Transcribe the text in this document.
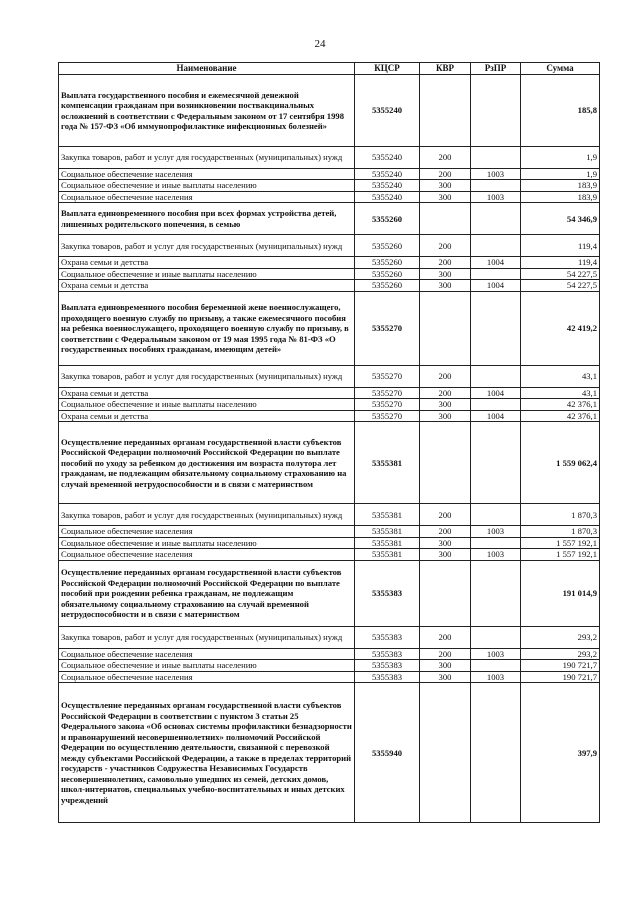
24
Наименование	КЦСР	КВР	РзПР	Сумма
Выплата государственного пособия и ежемесячной денежной компенсации гражданам при возникновении поствакцинальных осложнений в соответствии с Федеральным законом от 17 сентября 1998 года № 157-ФЗ «Об иммунопрофилактике инфекционных болезней»	5355240			185,8
Закупка товаров, работ и услуг для государственных (муниципальных) нужд	5355240	200		1,9
Социальное обеспечение населения	5355240	200	1003	1,9
Социальное обеспечение и иные выплаты населению	5355240	300		183,9
Социальное обеспечение населения	5355240	300	1003	183,9
Выплата единовременного пособия при всех формах устройства детей, лишенных родительского попечения, в семью	5355260			54 346,9
Закупка товаров, работ и услуг для государственных (муниципальных) нужд	5355260	200		119,4
Охрана семьи и детства	5355260	200	1004	119,4
Социальное обеспечение и иные выплаты населению	5355260	300		54 227,5
Охрана семьи и детства	5355260	300	1004	54 227,5
Выплата единовременного пособия беременной жене военнослужащего, проходящего военную службу по призыву, а также ежемесячного пособия на ребенка военнослужащего, проходящего военную службу по призыву, в соответствии с Федеральным законом от 19 мая 1995 года № 81-ФЗ «О государственных пособиях гражданам, имеющим детей»	5355270			42 419,2
Закупка товаров, работ и услуг для государственных (муниципальных) нужд	5355270	200		43,1
Охрана семьи и детства	5355270	200	1004	43,1
Социальное обеспечение и иные выплаты населению	5355270	300		42 376,1
Охрана семьи и детства	5355270	300	1004	42 376,1
Осуществление переданных органам государственной власти субъектов Российской Федерации полномочий Российской Федерации по выплате пособий по уходу за ребенком до достижения им возраста полутора лет гражданам, не подлежащим обязательному социальному страхованию на случай временной нетрудоспособности и в связи с материнством	5355381			1 559 062,4
Закупка товаров, работ и услуг для государственных (муниципальных) нужд	5355381	200		1 870,3
Социальное обеспечение населения	5355381	200	1003	1 870,3
Социальное обеспечение и иные выплаты населению	5355381	300		1 557 192,1
Социальное обеспечение населения	5355381	300	1003	1 557 192,1
Осуществление переданных органам государственной власти субъектов Российской Федерации полномочий Российской Федерации по выплате пособий при рождении ребенка гражданам, не подлежащим обязательному социальному страхованию на случай временной нетрудоспособности и в связи с материнством	5355383			191 014,9
Закупка товаров, работ и услуг для государственных (муниципальных) нужд	5355383	200		293,2
Социальное обеспечение населения	5355383	200	1003	293,2
Социальное обеспечение и иные выплаты населению	5355383	300		190 721,7
Социальное обеспечение населения	5355383	300	1003	190 721,7
Осуществление переданных органам государственной власти субъектов Российской Федерации в соответствии с пунктом 3 статьи 25 Федерального закона «Об основах системы профилактики безнадзорности и правонарушений несовершеннолетних» полномочий Российской Федерации по осуществлению деятельности, связанной с перевозкой между субъектами Российской Федерации, а также в пределах территорий государств - участников Содружества Независимых Государств несовершеннолетних, самовольно ушедших из семей, детских домов, школ-интернатов, специальных учебно-воспитательных и иных детских учреждений	5355940			397,9
